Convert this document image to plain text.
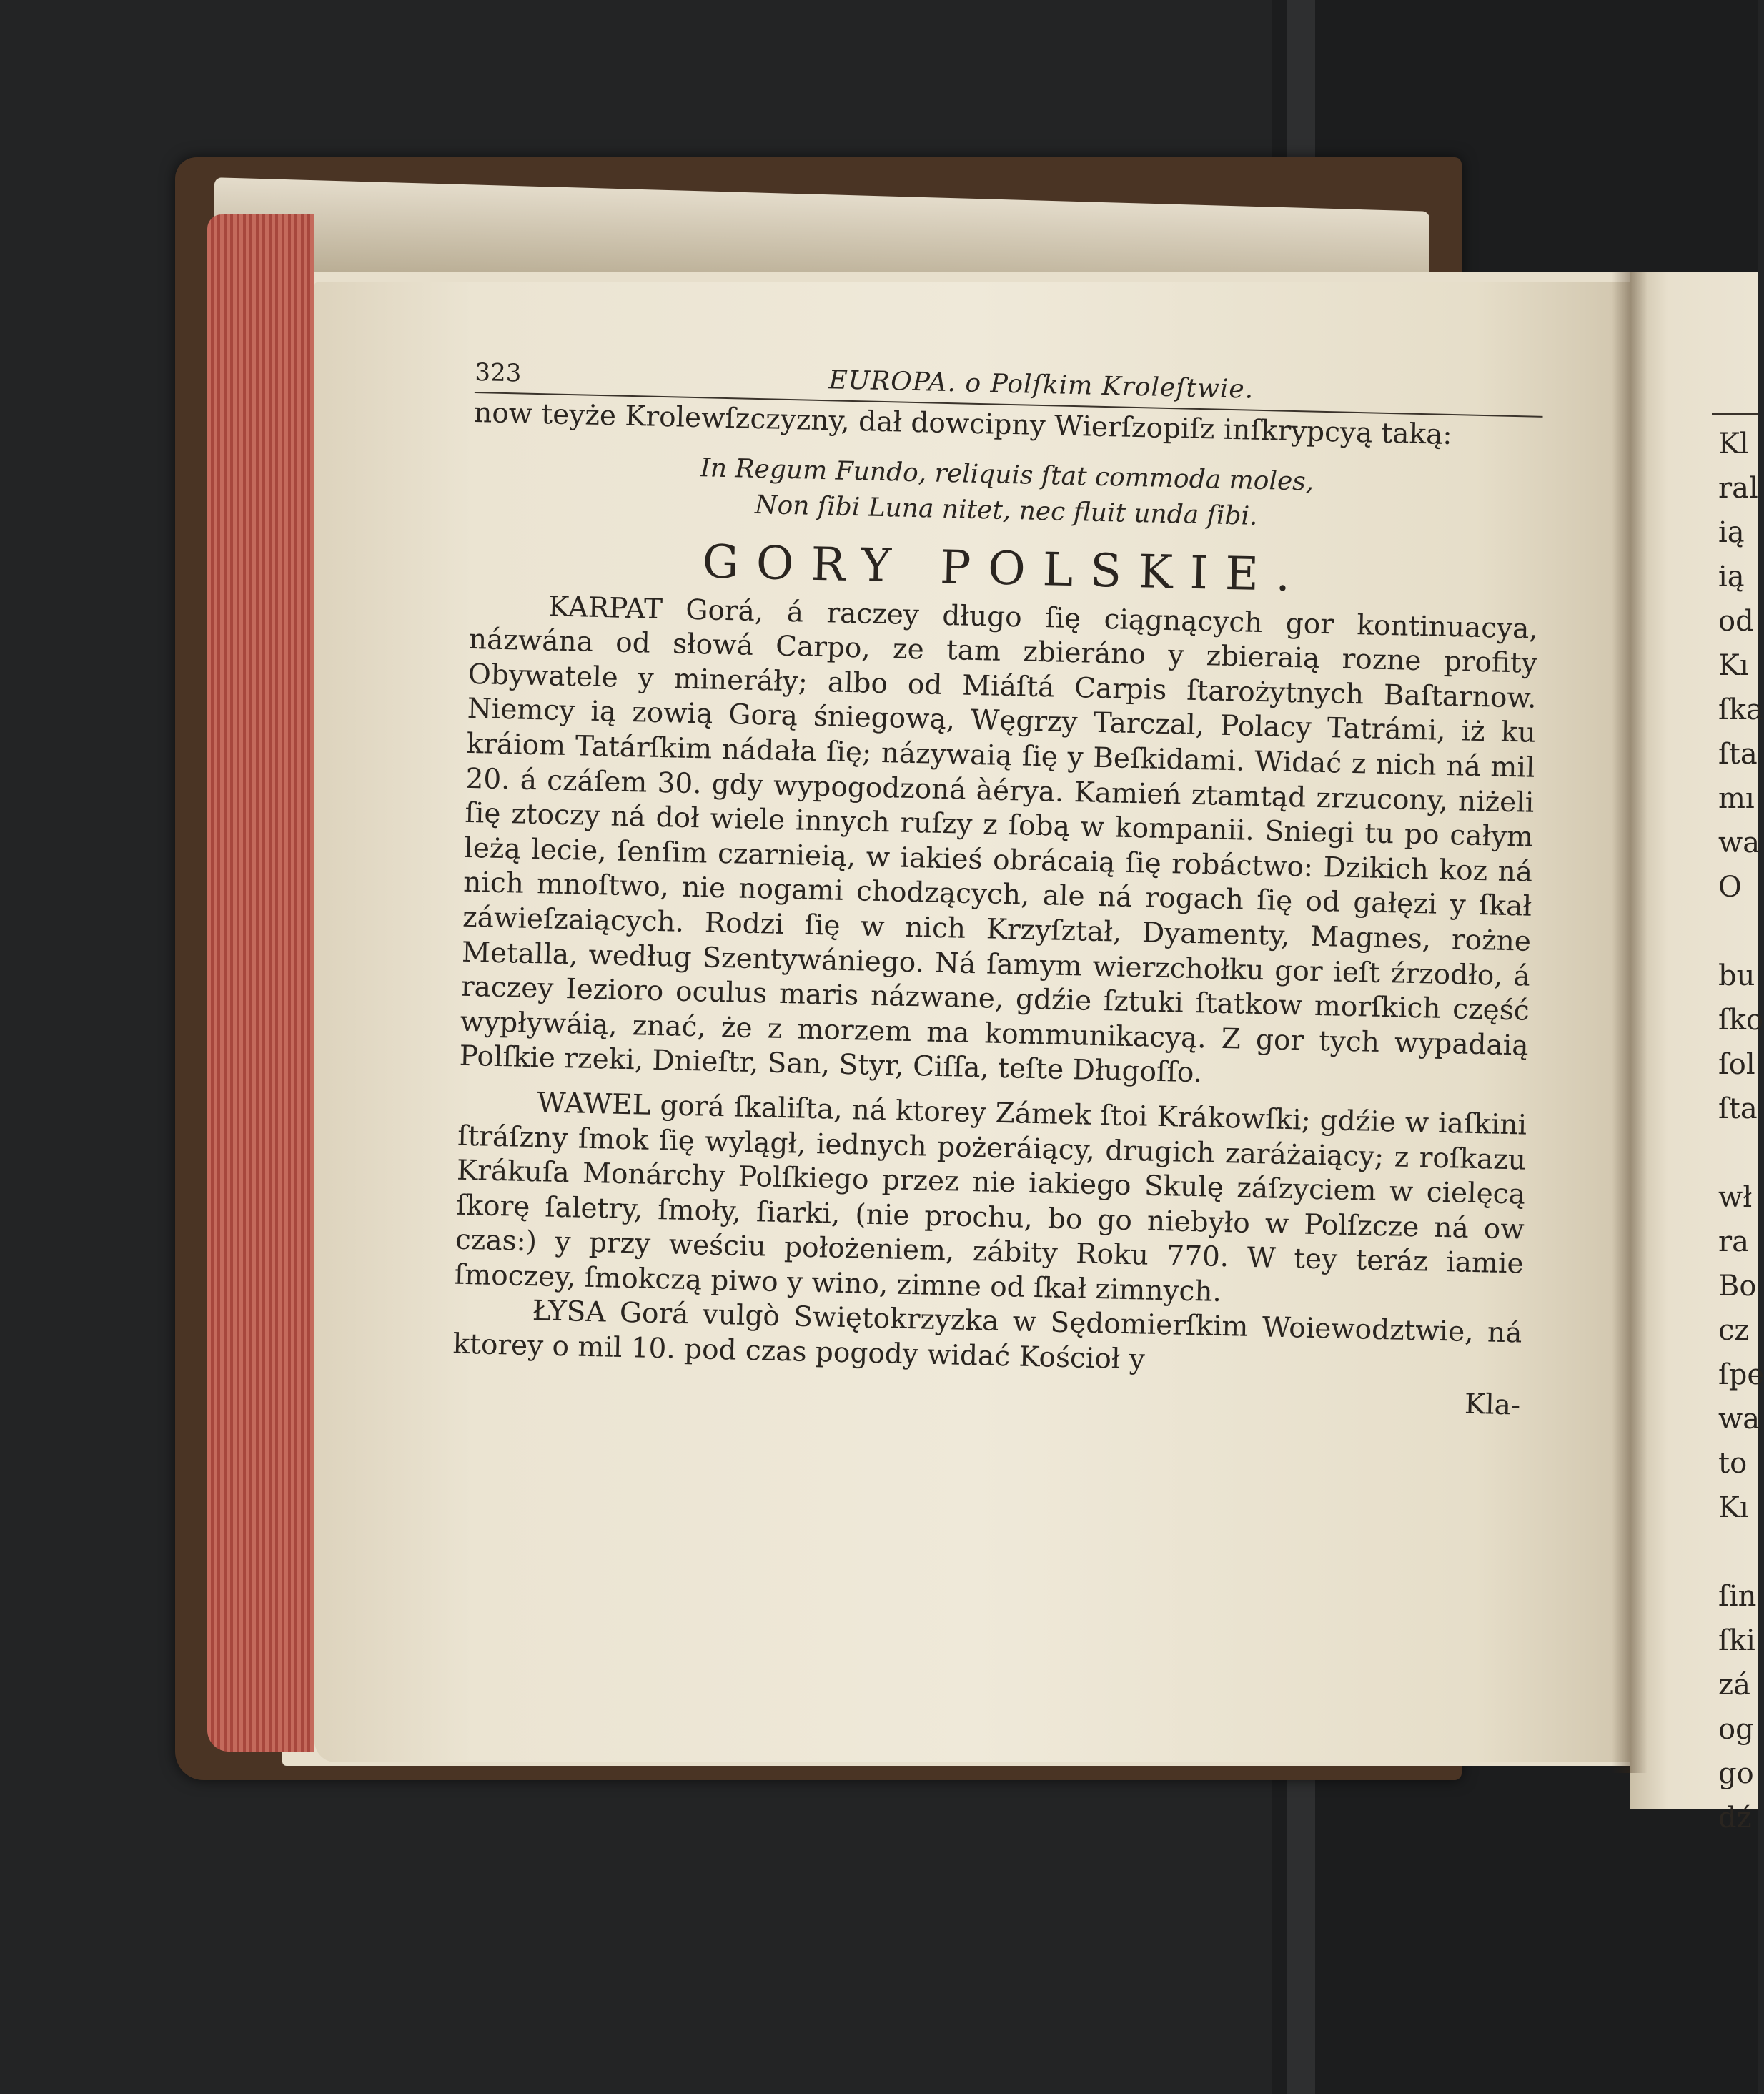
323	EUROPA. o Polſkim Kroleſtwie.

now teyże Krolewſzczyzny, dał dowcipny Wierſzopiſz inſkrypcyą taką:

In Regum Fundo, reliquis ſtat commoda moles,
Non ſibi Luna nitet, nec fluit unda ſibi.
GORY POLSKIE.

KARPAT Gorá, á raczey długo ſię ciągnących gor kontinuacya, názwána od słowá Carpo, ze tam zbieráno y zbieraią rozne profity Obywatele y mineráły; albo od Miáſtá Carpis ſtarożytnych Baſtarnow. Niemcy ią zowią Gorą śniegową, Węgrzy Tarczal, Polacy Tatrámi, iż ku kráiom Tatárſkim nádała ſię; názywaią ſię y Beſkidami. Widać z nich ná mil 20. á czáſem 30. gdy wypogodzoná àérya. Kamień ztamtąd zrzucony, niżeli ſię ztoczy ná doł wiele innych ruſzy z ſobą w kompanii. Sniegi tu po całym leżą lecie, ſenſim czarnieią, w iakieś obrácaią ſię robáctwo: Dzikich koz ná nich mnoſtwo, nie nogami chodzących, ale ná rogach ſię od gałęzi y ſkał záwieſzaiących. Rodzi ſię w nich Krzyſztał, Dyamenty, Magnes, rożne Metalla, według Szentywániego. Ná ſamym wierzchołku gor ieſt źrzodło, á raczey Iezioro oculus maris názwane, gdźie ſztuki ſtatkow morſkich część wypływáią, znać, że z morzem ma kommunikacyą. Z gor tych wypadaią Polſkie rzeki, Dnieſtr, San, Styr, Ciſſa, teſte Długoſſo.

WAWEL gorá ſkaliſta, ná ktorey Zámek ſtoi Krákowſki; gdźie w iaſkini ſtráſzny ſmok ſię wylągł, iednych pożeráiący, drugich zaráżaiący; z roſkazu Krákuſa Monárchy Polſkiego przez nie iakiego Skulę záſzyciem w cielęcą ſkorę ſaletry, ſmoły, ſiarki, (nie prochu, bo go niebyło w Polſzcze ná ow czas:) y przy weściu położeniem, zábity Roku 770. W tey teráz iamie ſmoczey, ſmokczą piwo y wino, zimne od ſkał zimnych.

ŁYSA Gorá vulgò Swiętokrzyzka w Sędomierſkim Woiewodztwie, ná ktorey o mil 10. pod czas pogody widać Kościoł y

Kla-
Kl
ral
ią
ią
od
Kı
ſka
ſta
mı
wa
O
bu
ſko
ſol
ſta
wł
ra
Bo
cz
ſpe
wa
to
Kı
ſin
ſki
zá
og
go
dź
